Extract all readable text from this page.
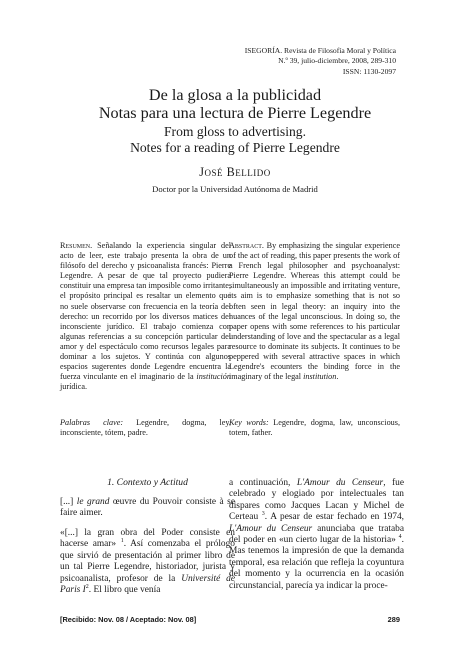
ISEGORÍA. Revista de Filosofía Moral y Política
N.º 39, julio-diciembre, 2008, 289-310
ISSN: 1130-2097
De la glosa a la publicidad
Notas para una lectura de Pierre Legendre
From gloss to advertising.
Notes for a reading of Pierre Legendre
José Bellido
Doctor por la Universidad Autónoma de Madrid

Resumen. Señalando la experiencia singular del acto de leer, este trabajo presenta la obra de un filósofo del derecho y psicoanalista francés: Pierre Legendre. A pesar de que tal proyecto pudiera constituir una empresa tan imposible como irritante, el propósito principal es resaltar un elemento que no suele observarse con frecuencia en la teoría del derecho: un recorrido por los diversos matices del inconsciente jurídico. El trabajo comienza con algunas referencias a su concepción particular del amor y del espectáculo como recursos legales para dominar a los sujetos. Y continúa con algunos espacios sugerentes donde Legendre encuentra la fuerza vinculante en el imaginario de la institución jurídica.

Abstract. By emphasizing the singular experience of the act of reading, this paper presents the work of a French legal philosopher and psychoanalyst: Pierre Legendre. Whereas this attempt could be simultaneously an impossible and irritating venture, its aim is to emphasize something that is not so often seen in legal theory: an inquiry into the nuances of the legal unconscious. In doing so, the paper opens with some references to his particular understanding of love and the spectacular as a legal resource to dominate its subjects. It continues to be peppered with several attractive spaces in which Legendre's ecounters the binding force in the imaginary of the legal institution.

Palabras clave: Legendre, dogma, ley, inconsciente, tótem, padre.

Key words: Legendre, dogma, law, unconscious, totem, father.

1. Contexto y Actitud

[...] le grand œuvre du Pouvoir consiste à se faire aimer.

«[...] la gran obra del Poder consiste en hacerse amar» $^1$. Así comenzaba el prólogo que sirvió de presentación al primer libro de un tal Pierre Legendre, historiador, jurista y psicoanalista, profesor de la Université de Paris $I^2$. El libro que venía

a continuación, L'Amour du Censeur, fue celebrado y elogiado por intelectuales tan dispares como Jacques Lacan y Michel de Certeau $^3$. A pesar de estar fechado en 1974, L'Amour du Censeur anunciaba que trataba del poder en «un cierto lugar de la historia» $^4$. Mas tenemos la impresión de que la demanda temporal, esa relación que refleja la coyuntura del momento y la ocurrencia en la ocasión circunstancial, parecía ya indicar la proce-

[Recibido: Nov. 08 / Aceptado: Nov. 08]	289
